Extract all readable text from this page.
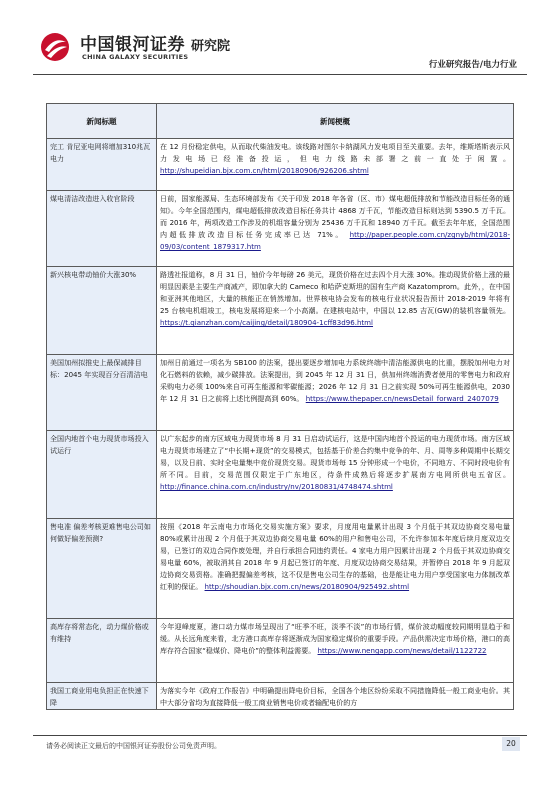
中国银河证券
CHINA GALAXY SECURITIES
研究院
行业研究报告/电力行业
新闻标题	新闻梗概
完工 肯尼亚电网将增加310兆瓦电力	在 12 月份稳定供电，从而取代柴油发电。该线路对图尔卡纳湖风力发电项目至关重要。去年，维斯塔斯表示风力发电场已经准备投运，但电力线路未部署之前一直处于闲置。 http://shupeidian.bjx.com.cn/html/20180906/926206.shtml
煤电清洁改造进入收官阶段	日前，国家能源局、生态环境部发布《关于印发 2018 年各省（区、市）煤电超低排放和节能改造目标任务的通知》。今年全国范围内，煤电超低排放改造目标任务共计 4868 万千瓦，节能改造目标则达到 5390.5 万千瓦。而 2016 年，两项改造工作涉及的机组容量分别为 25436 万千瓦和 18940 万千瓦。截至去年年底，全国范围内超低排放改造目标任务完成率已达 71%。 http://paper.people.com.cn/zgnyb/html/2018-09/03/content_1879317.htm
新兴核电带动铀价大涨30%	路透社报道称，8 月 31 日，铀价今年每磅 26 美元，现货价格在过去四个月大涨 30%。推动现货价格上涨的最明显因素是主要生产商减产，即加拿大的 Cameco 和哈萨克斯坦的国有生产商 Kazatomprom。此外，，在中国和亚洲其他地区，大量的核能正在悄然增加。世界核电协会发布的核电行业状况报告预计 2018-2019 年将有 25 台核电机组竣工，核电发展将迎来一个小高潮。在建核电站中，中国以 12.85 吉瓦(GW)的装机容量领先。 https://t.qianzhan.com/caijing/detail/180904-1cff83d96.html
美国加州拟推史上最保减排目标：2045 年实现百分百清洁电	加州日前通过一项名为 SB100 的法案，提出要逐步增加电力系统终端中清洁能源供电的比重，摆脱加州电力对化石燃料的依赖，减少碳排放。法案提出，到 2045 年 12 月 31 日，供加州终端消费者使用的零售电力和政府采购电力必须 100%来自可再生能源和零碳能源；2026 年 12 月 31 日之前实现 50%可再生能源供电，2030 年 12 月 31 日之前将上述比例提高到 60%。 https://www.thepaper.cn/newsDetail_forward_2407079
全国内地首个电力现货市场投入试运行	以广东起步的南方区域电力现货市场 8 月 31 日启动试运行，这是中国内地首个投运的电力现货市场。南方区域电力现货市场建立了“中长期+现货”的交易模式，包括基于价差合约集中竞争的年、月、周等多种周期中长期交易，以及日前、实时全电量集中竞价现货交易。现货市场每 15 分钟形成一个电价，不同地方、不同时段电价有所不同。目前，交易范围仅限定于广东地区，待条件成熟后将逐步扩展南方电网所供电五省区。 http://finance.china.com.cn/industry/nv/20180831/4748474.shtml
售电准 偏差考核更难售电公司如何做好偏差预测?	按照《2018 年云南电力市场化交易实施方案》要求，月度用电量累计出现 3 个月低于其双边协商交易电量 80%或累计出现 2 个月低于其双边协商交易电量 60%的用户和售电公司，不允许参加本年度后续月度双边交易，已签订的双边合同作废处理，并自行承担合同违约责任。4 家电力用户因累计出现 2 个月低于其双边协商交易电量 60%，被取消其自 2018 年 9 月起已签订的年度、月度双边协商交易结果，并暂停自 2018 年 9 月起双边协商交易资格。准确把握偏差考核，这不仅是售电公司生存的基础，也是能让电力用户享受国家电力体制改革红利的保证。 http://shoudian.bjx.com.cn/news/20180904/925492.shtml
高库存将常态化，动力煤价格或有维持	今年迎峰度夏，港口动力煤市场呈现出了“旺季不旺，淡季不淡”的市场行情，煤价波动幅度较同期明显趋于和缓。从长远角度来看，北方港口高库存将逐渐成为国家稳定煤价的重要手段。产品供需决定市场价格，港口的高库存符合国家“稳煤价、降电价”的整体利益需要。 https://www.nengapp.com/news/detail/1122722
我国工商业用电负担正在快速下降	为落实今年《政府工作报告》中明确提出降电价目标，全国各个地区纷纷采取不同措施降低一般工商业电价。其中大部分省均为直接降低一般工商业销售电价或者输配电价的方
请务必阅读正文最后的中国银河证券股份公司免责声明。	20
